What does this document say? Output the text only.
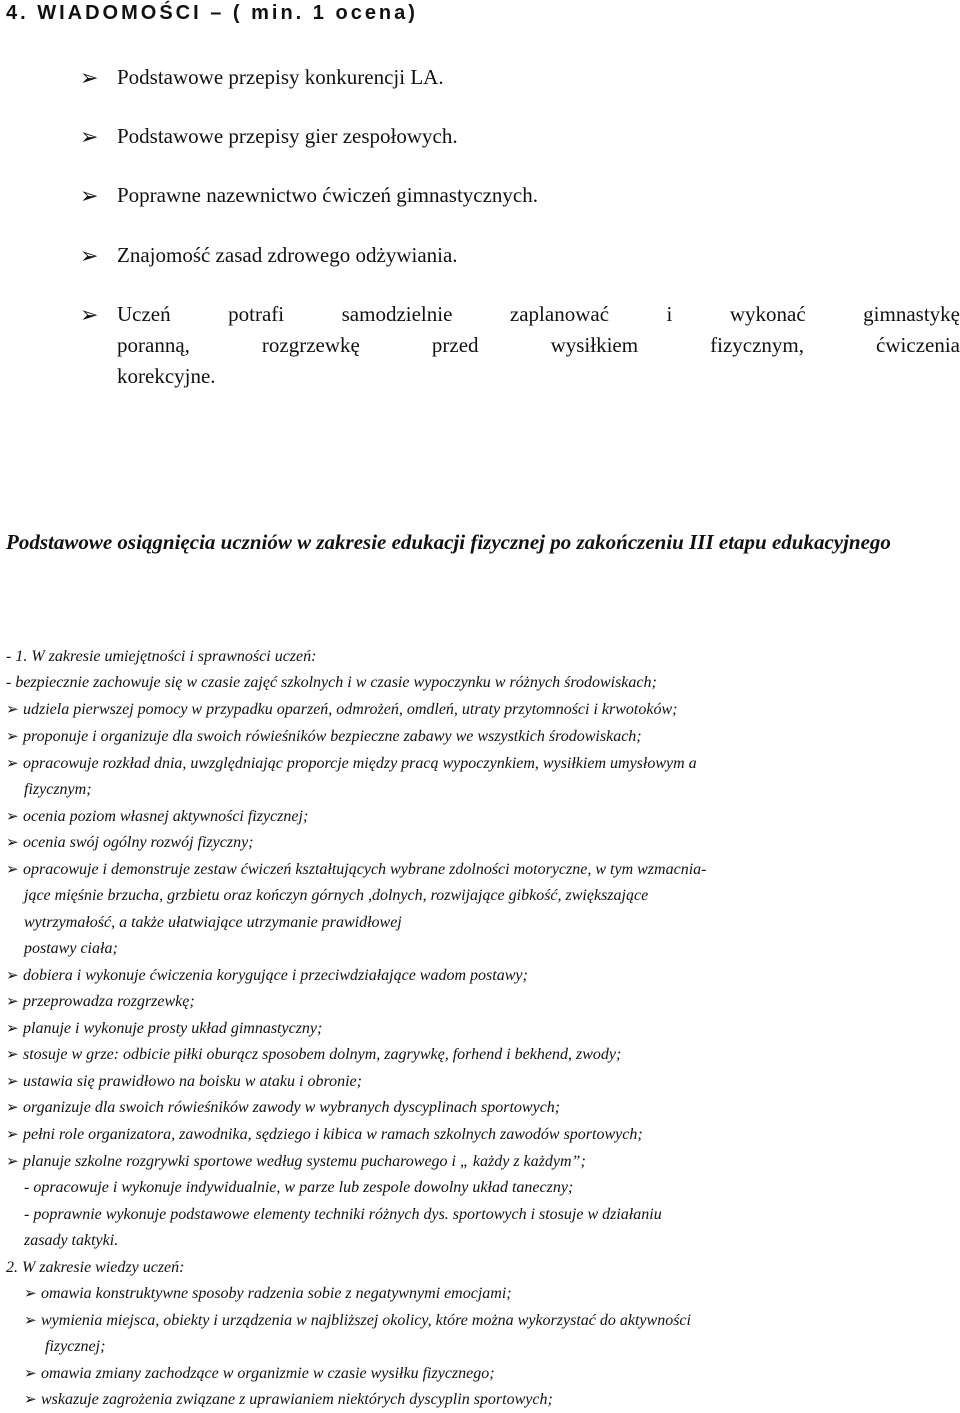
4. WIADOMOŚCI – ( min. 1 ocena)
➢ Podstawowe przepisy konkurencji LA.
➢ Podstawowe przepisy gier zespołowych.
➢ Poprawne nazewnictwo ćwiczeń gimnastycznych.
➢ Znajomość zasad zdrowego odżywiania.
➢ Uczeń potrafi samodzielnie zaplanować i wykonać gimnastykę
poranną, rozgrzewkę przed wysiłkiem fizycznym, ćwiczenia
korekcyjne.
Podstawowe osiągnięcia uczniów w zakresie edukacji fizycznej po zakończeniu III etapu edukacyjnego
- 1. W zakresie umiejętności i sprawności uczeń:
- bezpiecznie zachowuje się w czasie zajęć szkolnych i w czasie wypoczynku w różnych środowiskach;
➢ udziela pierwszej pomocy w przypadku oparzeń, odmrożeń, omdleń, utraty przytomności i krwotoków;
➢ proponuje i organizuje dla swoich rówieśników bezpieczne zabawy we wszystkich środowiskach;
➢ opracowuje rozkład dnia, uwzględniając proporcje między pracą wypoczynkiem, wysiłkiem umysłowym a
fizycznym;
➢ ocenia poziom własnej aktywności fizycznej;
➢ ocenia swój ogólny rozwój fizyczny;
➢ opracowuje i demonstruje zestaw ćwiczeń kształtujących wybrane zdolności motoryczne, w tym wzmacnia-
jące mięśnie brzucha, grzbietu oraz kończyn górnych ,dolnych, rozwijające gibkość, zwiększające
wytrzymałość, a także ułatwiające utrzymanie prawidłowej
postawy ciała;
➢ dobiera i wykonuje ćwiczenia korygujące i przeciwdziałające wadom postawy;
➢ przeprowadza rozgrzewkę;
➢ planuje i wykonuje prosty układ gimnastyczny;
➢ stosuje w grze: odbicie piłki oburącz sposobem dolnym, zagrywkę, forhend i bekhend, zwody;
➢ ustawia się prawidłowo na boisku w ataku i obronie;
➢ organizuje dla swoich rówieśników zawody w wybranych dyscyplinach sportowych;
➢ pełni role organizatora, zawodnika, sędziego i kibica w ramach szkolnych zawodów sportowych;
➢ planuje szkolne rozgrywki sportowe według systemu pucharowego i „ każdy z każdym”;
- opracowuje i wykonuje indywidualnie, w parze lub zespole dowolny układ taneczny;
- poprawnie wykonuje podstawowe elementy techniki różnych dys. sportowych i stosuje w działaniu
zasady taktyki.
2. W zakresie wiedzy uczeń:
➢ omawia konstruktywne sposoby radzenia sobie z negatywnymi emocjami;
➢ wymienia miejsca, obiekty i urządzenia w najbliższej okolicy, które można wykorzystać do aktywności
fizycznej;
➢ omawia zmiany zachodzące w organizmie w czasie wysiłku fizycznego;
➢ wskazuje zagrożenia związane z uprawianiem niektórych dyscyplin sportowych;
